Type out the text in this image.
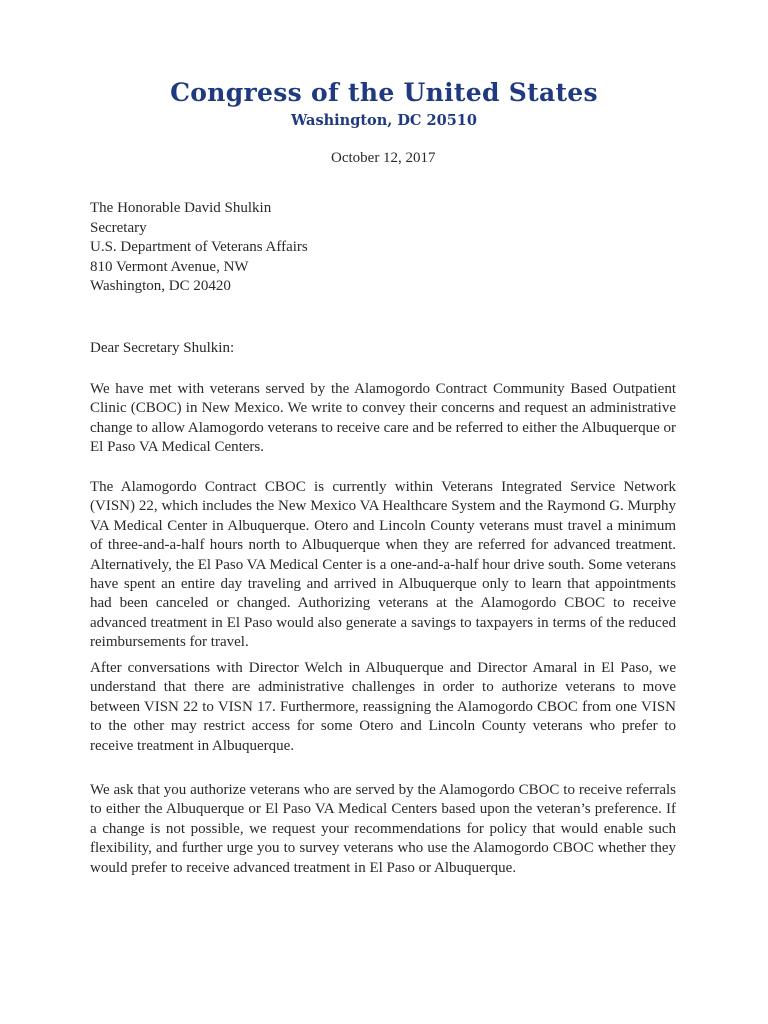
Congress of the United States
Washington, DC 20510
October 12, 2017
The Honorable David Shulkin
Secretary
U.S. Department of Veterans Affairs
810 Vermont Avenue, NW
Washington, DC 20420
Dear Secretary Shulkin:

We have met with veterans served by the Alamogordo Contract Community Based Outpatient Clinic (CBOC) in New Mexico. We write to convey their concerns and request an administrative change to allow Alamogordo veterans to receive care and be referred to either the Albuquerque or El Paso VA Medical Centers.

The Alamogordo Contract CBOC is currently within Veterans Integrated Service Network (VISN) 22, which includes the New Mexico VA Healthcare System and the Raymond G. Murphy VA Medical Center in Albuquerque. Otero and Lincoln County veterans must travel a minimum of three-and-a-half hours north to Albuquerque when they are referred for advanced treatment. Alternatively, the El Paso VA Medical Center is a one-and-a-half hour drive south. Some veterans have spent an entire day traveling and arrived in Albuquerque only to learn that appointments had been canceled or changed. Authorizing veterans at the Alamogordo CBOC to receive advanced treatment in El Paso would also generate a savings to taxpayers in terms of the reduced reimbursements for travel.

After conversations with Director Welch in Albuquerque and Director Amaral in El Paso, we understand that there are administrative challenges in order to authorize veterans to move between VISN 22 to VISN 17. Furthermore, reassigning the Alamogordo CBOC from one VISN to the other may restrict access for some Otero and Lincoln County veterans who prefer to receive treatment in Albuquerque.

We ask that you authorize veterans who are served by the Alamogordo CBOC to receive referrals to either the Albuquerque or El Paso VA Medical Centers based upon the veteran’s preference. If a change is not possible, we request your recommendations for policy that would enable such flexibility, and further urge you to survey veterans who use the Alamogordo CBOC whether they would prefer to receive advanced treatment in El Paso or Albuquerque.
